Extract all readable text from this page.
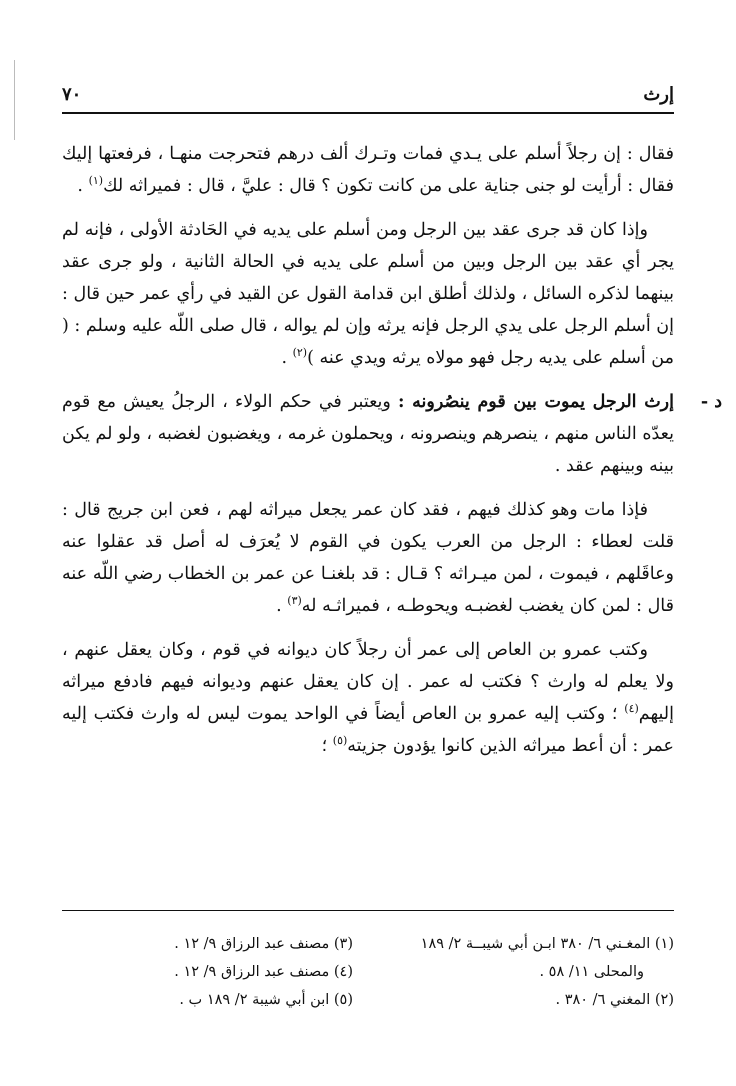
إرث
٧٠

فقال : إن رجلاً أسلم على يـدي فمات وتـرك ألف درهم فتحرجت منهـا ، فرفعتها إليك فقال : أرأيت لو جنى جناية على من كانت تكون ؟ قال : عليَّ ، قال : فميراثه لك$^{(١)}$ .

وإذا كان قد جرى عقد بين الرجل ومن أسلم على يديه في الحَادثة الأولى ، فإنه لم يجر أي عقد بين الرجل وبين من أسلم على يديه في الحالة الثانية ، ولو جرى عقد بينهما لذكره السائل ، ولذلك أطلق ابن قدامة القول عن القيد في رأي عمر حين قال : إن أسلم الرجل على يدي الرجل فإنه يرثه وإن لم يواله ، قال صلى اللّه عليه وسلم : ( من أسلم على يديه رجل فهو مولاه يرثه ويدي عنه )$^{(٢)}$ .

د -
إرث الرجل يموت بين قوم ينصُرونه : ويعتبر في حكم الولاء ، الرجلُ يعيش مع قوم يعدّه الناس منهم ، ينصرهم وينصرونه ، ويحملون غرمه ، ويغضبون لغضبه ، ولو لم يكن بينه وبينهم عقد .

فإذا مات وهو كذلك فيهم ، فقد كان عمر يجعل ميراثه لهم ، فعن ابن جريج قال : قلت لعطاء : الرجل من العرب يكون في القوم لا يُعرَف له أصل قد عقلوا عنه وعاقَلهم ، فيموت ، لمن ميـراثه ؟ قـال : قد بلغنـا عن عمر بن الخطاب رضي اللّه عنه قال : لمن كان يغضب لغضبـه ويحوطـه ، فميراثـه له$^{(٣)}$ .

وكتب عمرو بن العاص إلى عمر أن رجلاً كان ديوانه في قوم ، وكان يعقل عنهم ، ولا يعلم له وارث ؟ فكتب له عمر . إن كان يعقل عنهم وديوانه فيهم فادفع ميراثه إليهم$^{(٤)}$ ؛ وكتب إليه عمرو بن العاص أيضاً في الواحد يموت ليس له وارث فكتب إليه عمر : أن أعط ميراثه الذين كانوا يؤدون جزيته$^{(٥)}$ ؛

(١) المغـني ٦/ ٣٨٠ ابـن أبي شيبــة ٢/ ١٨٩
والمحلى ١١/ ٥٨ .
(٢) المغني ٦/ ٣٨٠ .
(٣) مصنف عبد الرزاق ٩/ ١٢ .
(٤) مصنف عبد الرزاق ٩/ ١٢ .
(٥) ابن أبي شيبة ٢/ ١٨٩ ب .
